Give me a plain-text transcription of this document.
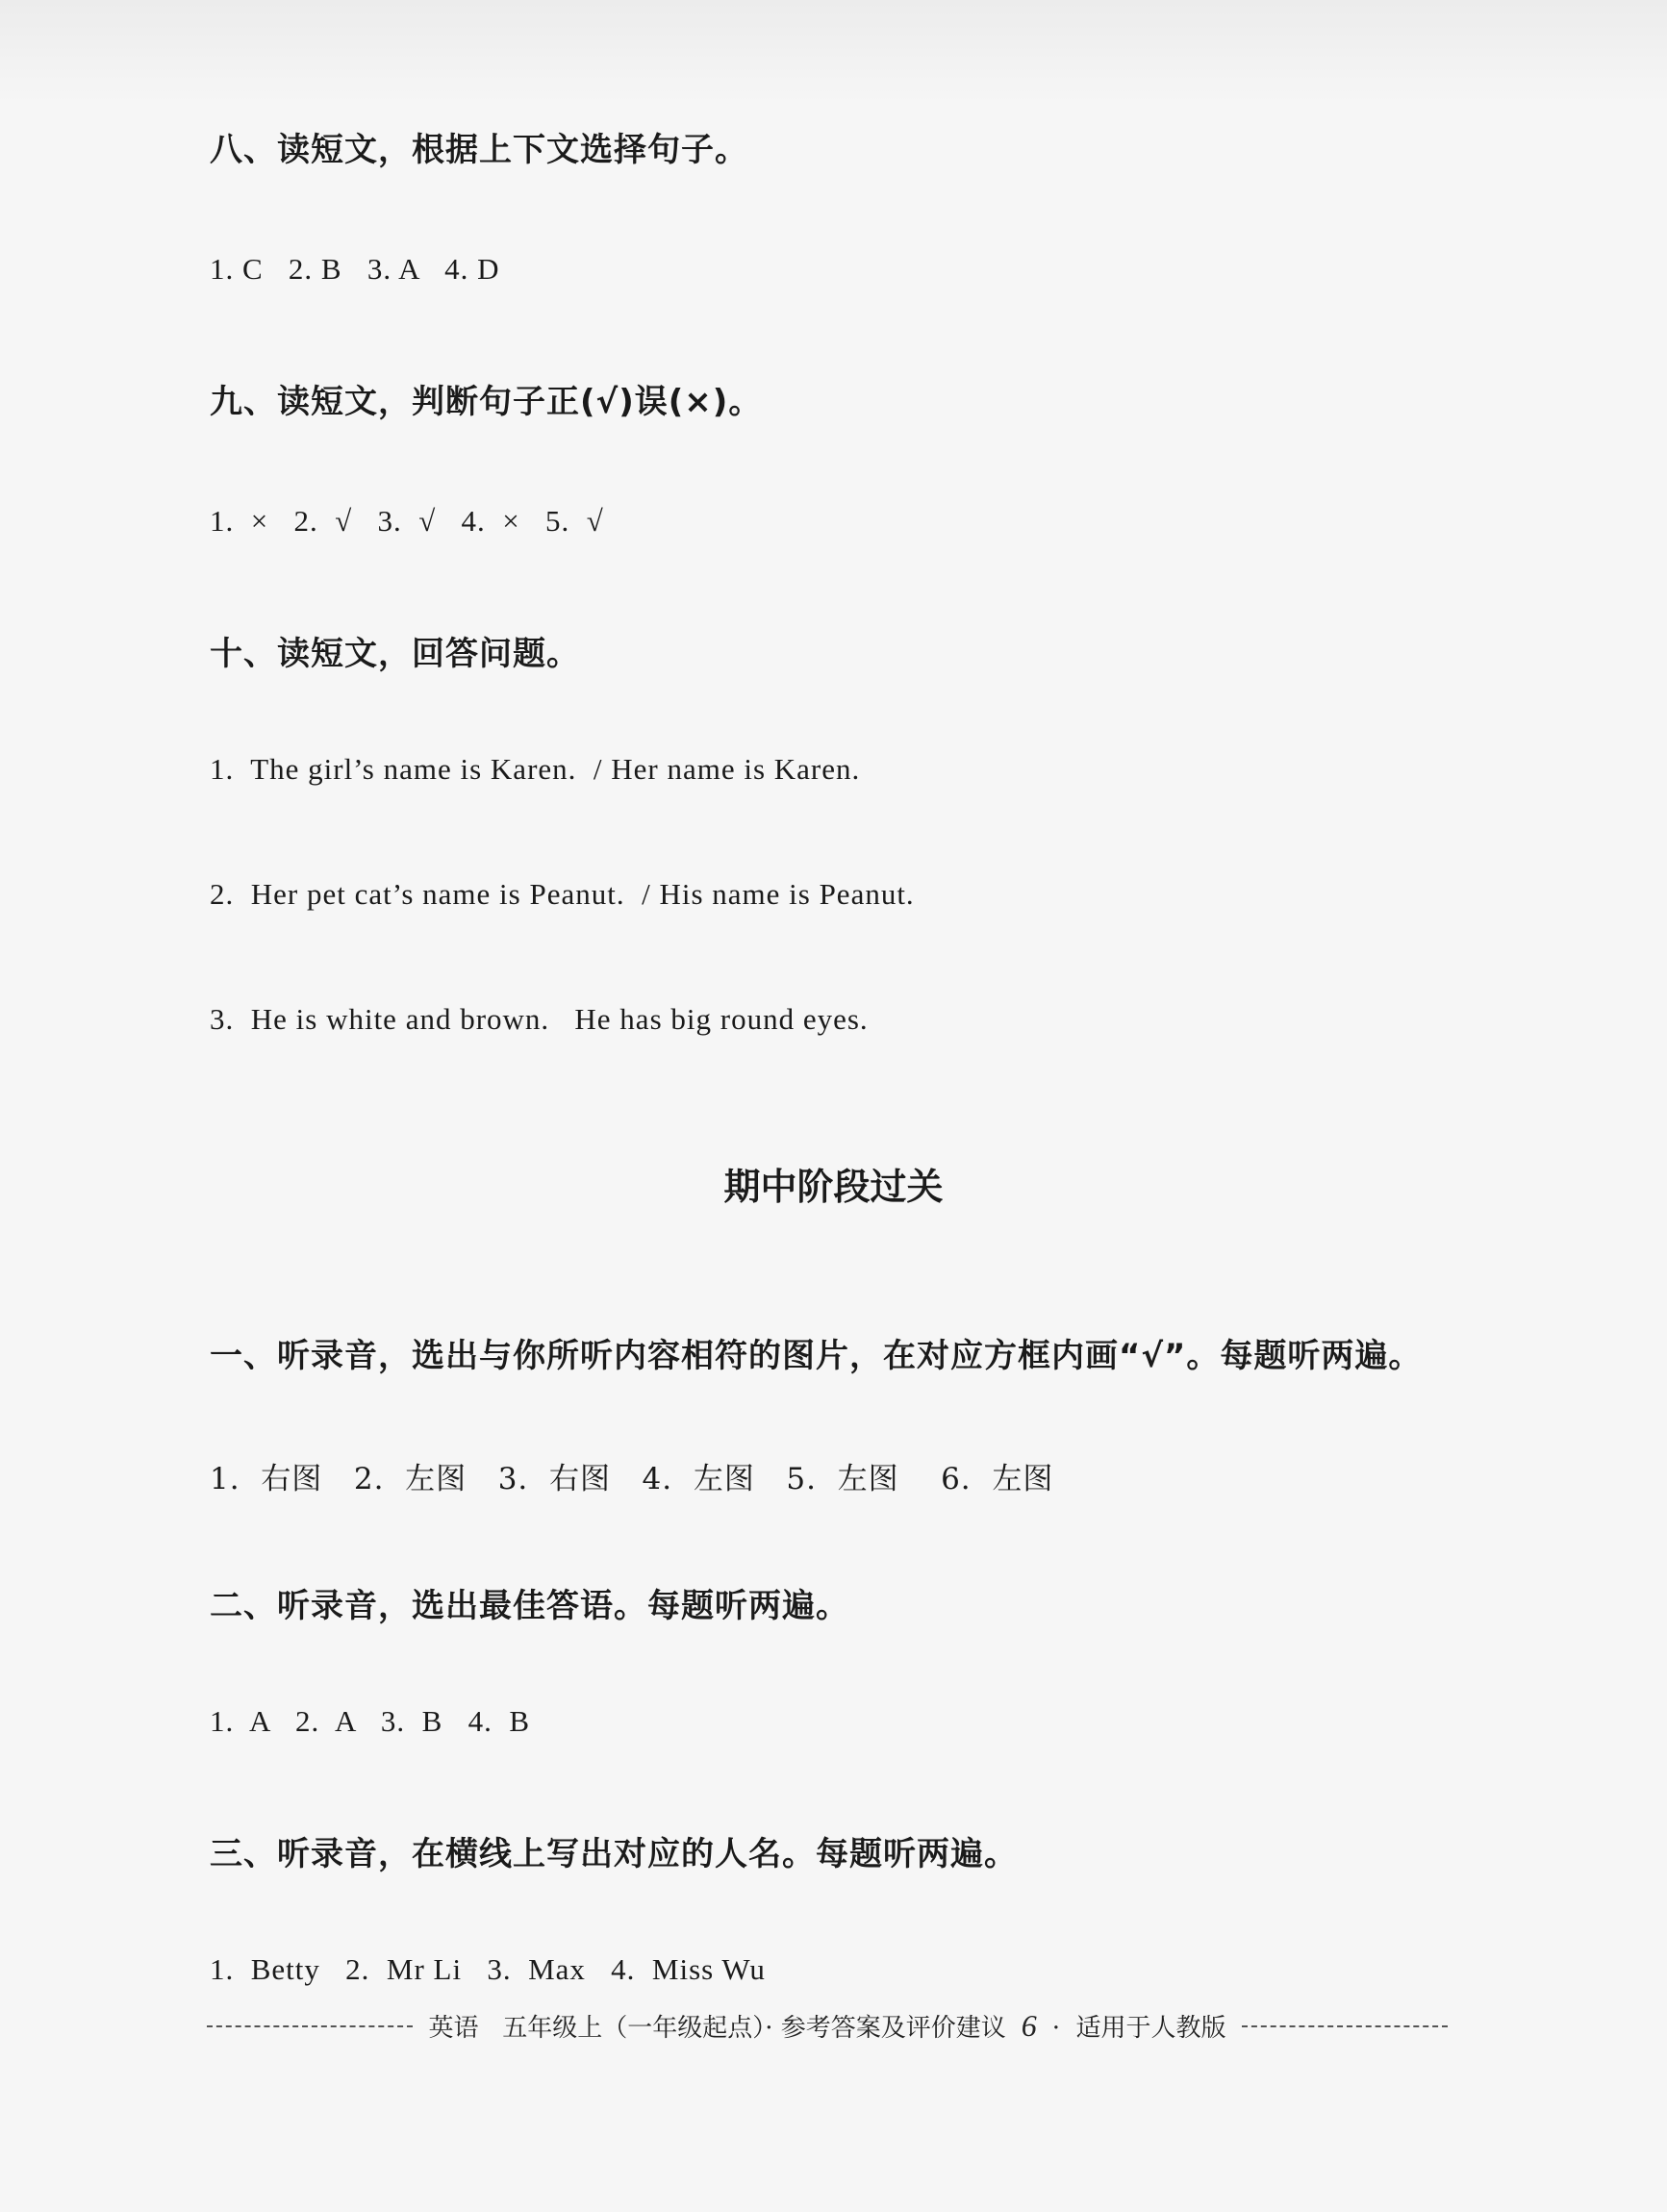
八、读短文，根据上下文选择句子。
1. C   2. B   3. A   4. D
九、读短文，判断句子正(√)误(×)。
1.  ×   2.  √   3.  √   4.  ×   5.  √
十、读短文，回答问题。
1.  The girl’s name is Karen.  / Her name is Karen.
2.  Her pet cat’s name is Peanut.  / His name is Peanut.
3.  He is white and brown.   He has big round eyes.
期中阶段过关
一、听录音，选出与你所听内容相符的图片，在对应方框内画“√”。每题听两遍。
1.  右图   2.  左图   3.  右图   4.  左图   5.  左图    6.  左图
二、听录音，选出最佳答语。每题听两遍。
1.  A   2.  A   3.  B   4.  B
三、听录音，在横线上写出对应的人名。每题听两遍。
1.  Betty   2.  Mr Li   3.  Max   4.  Miss Wu
英语   五年级上（一年级起点）· 参考答案及评价建议 6 ·  适用于人教版
